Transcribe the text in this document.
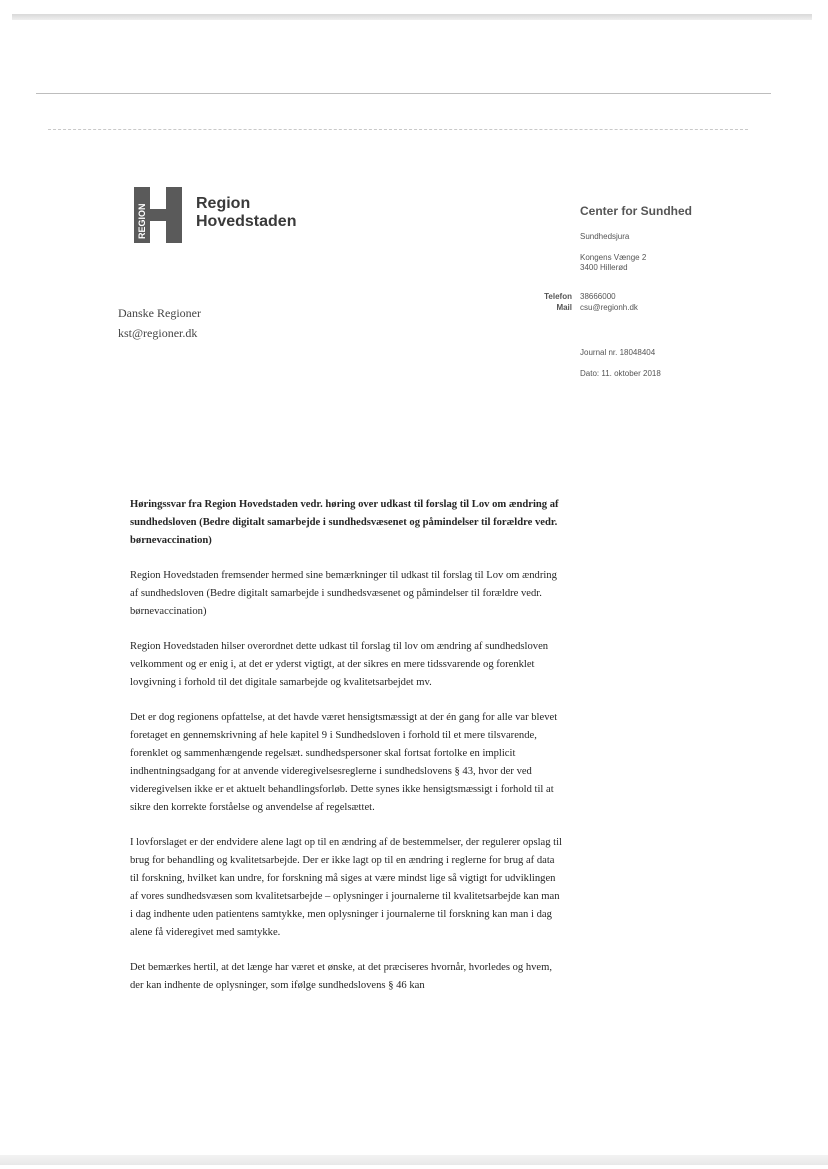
REGION	Region
Hovedstaden
Center for Sundhed
Sundhedsjura
Kongens Vænge 2
3400 Hillerød
Telefon	38666000
Mail	csu@regionh.dk
Danske Regioner
kst@regioner.dk
Journal nr. 18048404
Dato: 11. oktober 2018

Høringssvar fra Region Hovedstaden vedr. høring over udkast til forslag til Lov om ændring af sundhedsloven (Bedre digitalt samarbejde i sundhedsvæsenet og påmindelser til forældre vedr. børnevaccination)

Region Hovedstaden fremsender hermed sine bemærkninger til udkast til forslag til Lov om ændring af sundhedsloven (Bedre digitalt samarbejde i sundhedsvæsenet og påmindelser til forældre vedr. børnevaccination)

Region Hovedstaden hilser overordnet dette udkast til forslag til lov om ændring af sundhedsloven velkomment og er enig i, at det er yderst vigtigt, at der sikres en mere tidssvarende og forenklet lovgivning i forhold til det digitale samarbejde og kvalitetsarbejdet mv.

Det er dog regionens opfattelse, at det havde været hensigtsmæssigt at der én gang for alle var blevet foretaget en gennemskrivning af hele kapitel 9 i Sundhedsloven i forhold til et mere tilsvarende, forenklet og sammenhængende regelsæt. sundhedspersoner skal fortsat fortolke en implicit indhentningsadgang for at anvende videregivelsesreglerne i sundhedslovens § 43, hvor der ved videregivelsen ikke er et aktuelt behandlingsforløb. Dette synes ikke hensigtsmæssigt i forhold til at sikre den korrekte forståelse og anvendelse af regelsættet.

I lovforslaget er der endvidere alene lagt op til en ændring af de bestemmelser, der regulerer opslag til brug for behandling og kvalitetsarbejde. Der er ikke lagt op til en ændring i reglerne for brug af data til forskning, hvilket kan undre, for forskning må siges at være mindst lige så vigtigt for udviklingen af vores sundhedsvæsen som kvalitetsarbejde – oplysninger i journalerne til kvalitetsarbejde kan man i dag indhente uden patientens samtykke, men oplysninger i journalerne til forskning kan man i dag alene få videregivet med samtykke.

Det bemærkes hertil, at det længe har været et ønske, at det præciseres hvornår, hvorledes og hvem, der kan indhente de oplysninger, som ifølge sundhedslovens § 46 kan
